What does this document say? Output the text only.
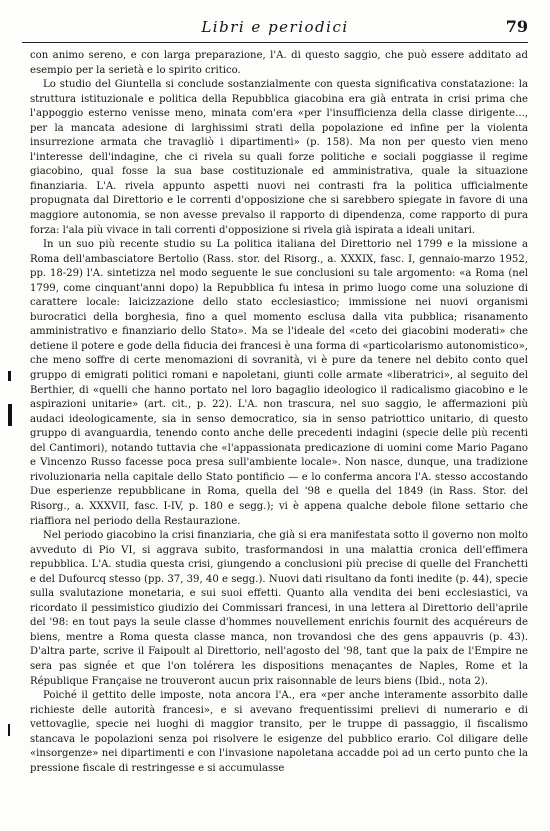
Libri e periodici	79

con animo sereno, e con larga preparazione, l'A. di questo saggio, che può essere additato ad esempio per la serietà e lo spirito critico.

Lo studio del Giuntella si conclude sostanzialmente con questa significativa constatazione: la struttura istituzionale e politica della Repubblica giacobina era già entrata in crisi prima che l'appoggio esterno venisse meno, minata com'era «per l'insufficienza della classe dirigente..., per la mancata adesione di larghissimi strati della popolazione ed infine per la violenta insurrezione armata che travagliò i dipartimenti» (p. 158). Ma non per questo vien meno l'interesse dell'indagine, che ci rivela su quali forze politiche e sociali poggiasse il regime giacobino, qual fosse la sua base costituzionale ed amministrativa, quale la situazione finanziaria. L'A. rivela appunto aspetti nuovi nei contrasti fra la politica ufficialmente propugnata dal Direttorio e le correnti d'opposizione che si sarebbero spiegate in favore di una maggiore autonomia, se non avesse prevalso il rapporto di dipendenza, come rapporto di pura forza: l'ala più vivace in tali correnti d'opposizione si rivela già ispirata a ideali unitari.

In un suo più recente studio su La politica italiana del Direttorio nel 1799 e la missione a Roma dell'ambasciatore Bertolio (Rass. stor. del Risorg., a. XXXIX, fasc. I, gennaio-marzo 1952, pp. 18-29) l'A. sintetizza nel modo seguente le sue conclusioni su tale argomento: «a Roma (nel 1799, come cinquant'anni dopo) la Repubblica fu intesa in primo luogo come una soluzione di carattere locale: laicizzazione dello stato ecclesiastico; immissione nei nuovi organismi burocratici della borghesia, fino a quel momento esclusa dalla vita pubblica; risanamento amministrativo e finanziario dello Stato». Ma se l'ideale del «ceto dei giacobini moderati» che detiene il potere e gode della fiducia dei francesi è una forma di «particolarismo autonomistico», che meno soffre di certe menomazioni di sovranità, vi è pure da tenere nel debito conto quel gruppo di emigrati politici romani e napoletani, giunti colle armate «liberatrici», al seguito del Berthier, di «quelli che hanno portato nel loro bagaglio ideologico il radicalismo giacobino e le aspirazioni unitarie» (art. cit., p. 22). L'A. non trascura, nel suo saggio, le affermazioni più audaci ideologicamente, sia in senso democratico, sia in senso patriottico unitario, di questo gruppo di avanguardia, tenendo conto anche delle precedenti indagini (specie delle più recenti del Cantimori), notando tuttavia che «l'appassionata predicazione di uomini come Mario Pagano e Vincenzo Russo facesse poca presa sull'ambiente locale». Non nasce, dunque, una tradizione rivoluzionaria nella capitale dello Stato pontificio — e lo conferma ancora l'A. stesso accostando Due esperienze repubblicane in Roma, quella del '98 e quella del 1849 (in Rass. Stor. del Risorg., a. XXXVII, fasc. I-IV, p. 180 e segg.); vi è appena qualche debole filone settario che riaffiora nel periodo della Restaurazione.

Nel periodo giacobino la crisi finanziaria, che già si era manifestata sotto il governo non molto avveduto di Pio VI, si aggrava subito, trasformandosi in una malattia cronica dell'effimera repubblica. L'A. studia questa crisi, giungendo a conclusioni più precise di quelle del Franchetti e del Dufourcq stesso (pp. 37, 39, 40 e segg.). Nuovi dati risultano da fonti inedite (p. 44), specie sulla svalutazione monetaria, e sui suoi effetti. Quanto alla vendita dei beni ecclesiastici, va ricordato il pessimistico giudizio dei Commissari francesi, in una lettera al Direttorio dell'aprile del '98: en tout pays la seule classe d'hommes nouvellement enrichis fournit des acquéreurs de biens, mentre a Roma questa classe manca, non trovandosi che des gens appauvris (p. 43). D'altra parte, scrive il Faipoult al Direttorio, nell'agosto del '98, tant que la paix de l'Empire ne sera pas signée et que l'on tolérera les dispositions menaçantes de Naples, Rome et la République Française ne trouveront aucun prix raisonnable de leurs biens (Ibid., nota 2).

Poiché il gettito delle imposte, nota ancora l'A., era «per anche interamente assorbito dalle richieste delle autorità francesi», e si avevano frequentissimi prelievi di numerario e di vettovaglie, specie nei luoghi di maggior transito, per le truppe di passaggio, il fiscalismo stancava le popolazioni senza poi risolvere le esigenze del pubblico erario. Col diligare delle «insorgenze» nei dipartimenti e con l'invasione napoletana accadde poi ad un certo punto che la pressione fiscale di restringesse e si accumulasse
